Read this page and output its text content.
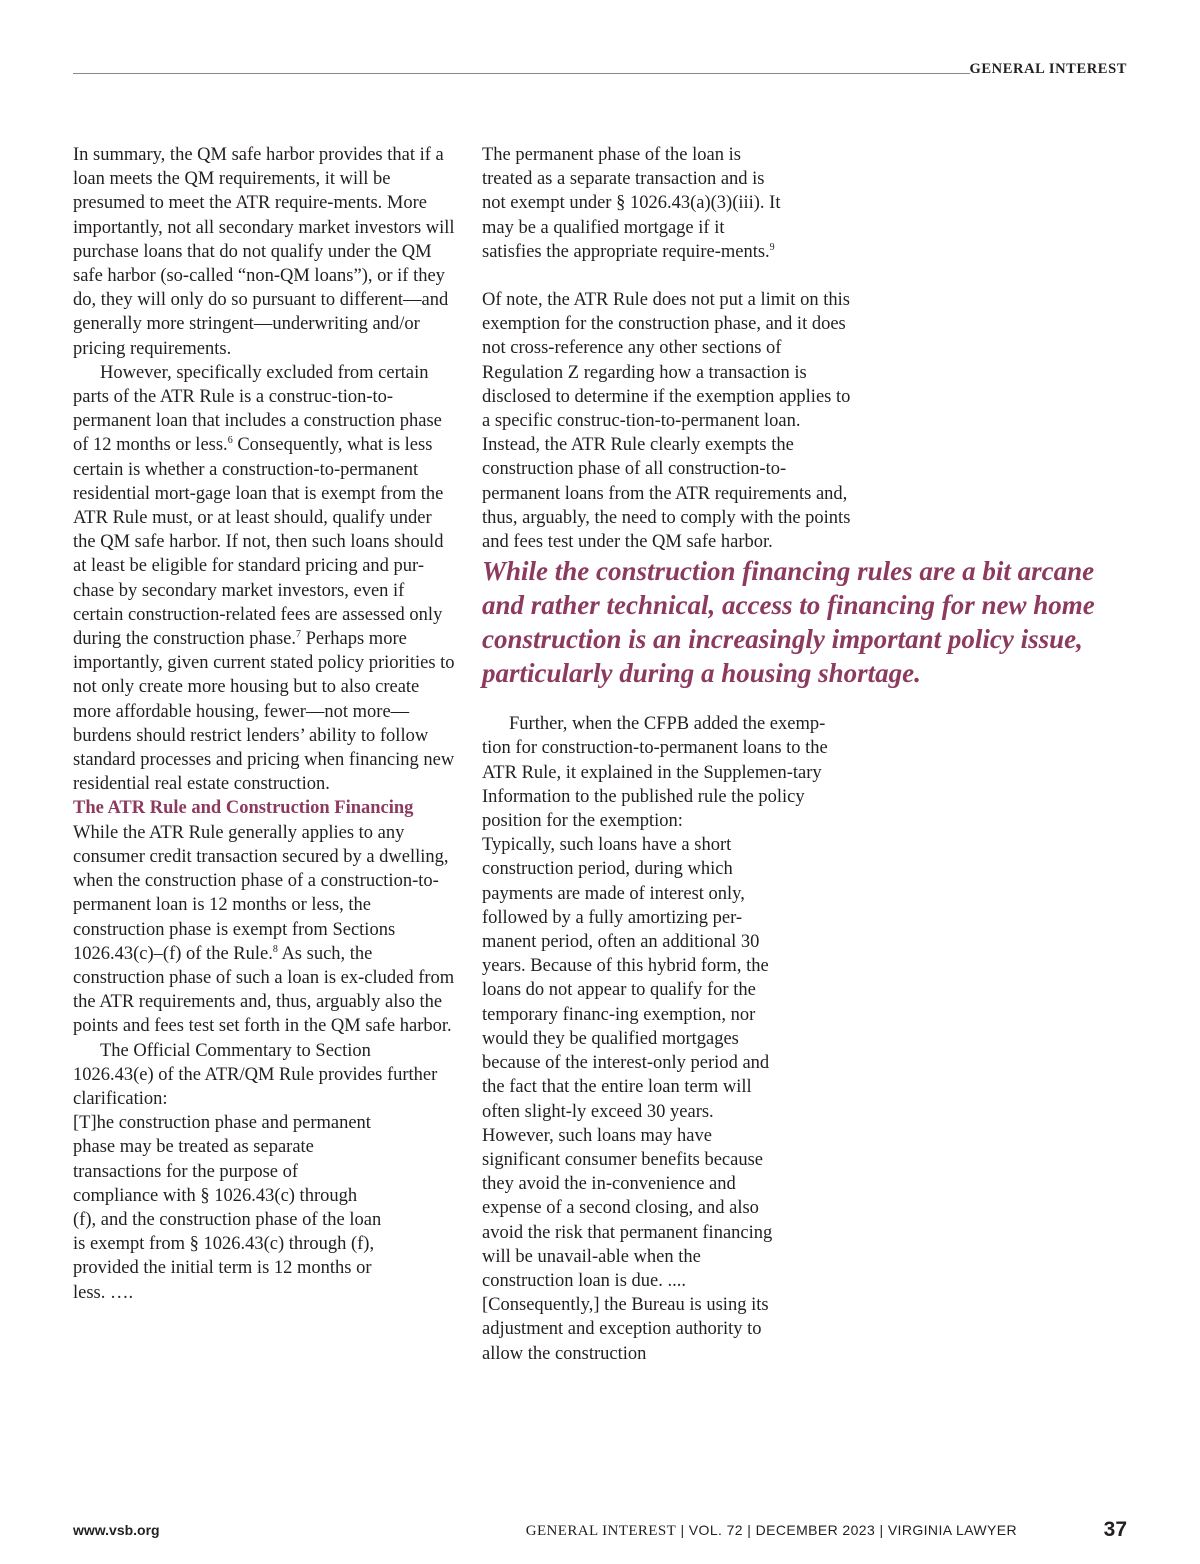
GENERAL INTEREST

In summary, the QM safe harbor provides that if a loan meets the QM requirements, it will be presumed to meet the ATR require-ments. More importantly, not all secondary market investors will purchase loans that do not qualify under the QM safe harbor (so-called “non-QM loans”), or if they do, they will only do so pursuant to different—and generally more stringent—underwriting and/or pricing requirements.

However, specifically excluded from certain parts of the ATR Rule is a construc-tion-to-permanent loan that includes a construction phase of 12 months or less.$^6$ Consequently, what is less certain is whether a construction-to-permanent residential mort-gage loan that is exempt from the ATR Rule must, or at least should, qualify under the QM safe harbor. If not, then such loans should at least be eligible for standard pricing and pur-chase by secondary market investors, even if certain construction-related fees are assessed only during the construction phase.$^7$ Perhaps more importantly, given current stated policy priorities to not only create more housing but to also create more affordable housing, fewer—not more—burdens should restrict lenders’ ability to follow standard processes and pricing when financing new residential real estate construction.

The ATR Rule and Construction Financing

While the ATR Rule generally applies to any consumer credit transaction secured by a dwelling, when the construction phase of a construction-to-permanent loan is 12 months or less, the construction phase is exempt from Sections 1026.43(c)–(f) of the Rule.$^8$ As such, the construction phase of such a loan is ex-cluded from the ATR requirements and, thus, arguably also the points and fees test set forth in the QM safe harbor.

The Official Commentary to Section 1026.43(e) of the ATR/QM Rule provides further clarification:

[T]he construction phase and permanent phase may be treated as separate transactions for the purpose of compliance with § 1026.43(c) through (f), and the construction phase of the loan is exempt from § 1026.43(c) through (f), provided the initial term is 12 months or less. ….

The permanent phase of the loan is treated as a separate transaction and is not exempt under § 1026.43(a)(3)(iii). It may be a qualified mortgage if it satisfies the appropriate require-ments.$^9$

Of note, the ATR Rule does not put a limit on this exemption for the construction phase, and it does not cross-reference any other sections of Regulation Z regarding how a transaction is disclosed to determine if the exemption applies to a specific construc-tion-to-permanent loan. Instead, the ATR Rule clearly exempts the construction phase of all construction-to-permanent loans from the ATR requirements and, thus, arguably, the need to comply with the points and fees test under the QM safe harbor.

While the construction financing rules are a bit arcane and rather technical, access to financing for new home construction is an increasingly important policy issue, particularly during a housing shortage.

Further, when the CFPB added the exemp-tion for construction-to-permanent loans to the ATR Rule, it explained in the Supplemen-tary Information to the published rule the policy position for the exemption:

Typically, such loans have a short construction period, during which payments are made of interest only, followed by a fully amortizing per-manent period, often an additional 30 years. Because of this hybrid form, the loans do not appear to qualify for the temporary financ-ing exemption, nor would they be qualified mortgages because of the interest-only period and the fact that the entire loan term will often slight-ly exceed 30 years. However, such loans may have significant consumer benefits because they avoid the in-convenience and expense of a second closing, and also avoid the risk that permanent financing will be unavail-able when the construction loan is due. .... [Consequently,] the Bureau is using its adjustment and exception authority to allow the construction

www.vsb.org	GENERAL INTEREST | VOL. 72 | DECEMBER 2023 | VIRGINIA LAWYER	37
